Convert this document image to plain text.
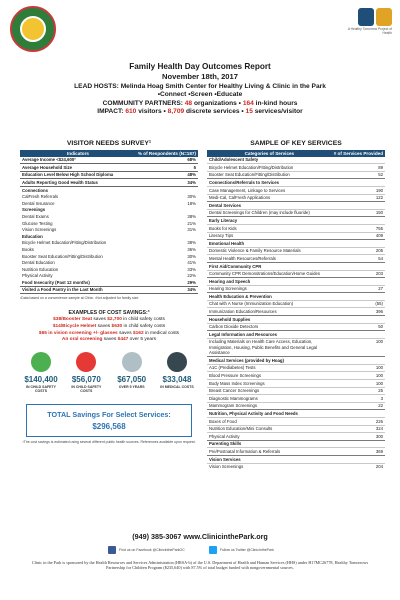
A Healthy Tomorrow Project of Health
Family Health Day Outcomes Report
November 18th, 2017
LEAD HOSTS: Melinda Hoag Smith Center for Healthy Living & Clinic in the Park •Connect •Screen •Educate
COMMUNITY PARTNERS: 48 organizations • 164 in-kind hours
IMPACT: 610 visitors • 8,709 discrete services • 15 services/visitor
VISITOR NEEDS SURVEY¹
Indicators	% of Respondents (N=187)
Average Income <$24,600²	68%
Average Household Size	5
Education Level Below High School Diploma	48%
Adults Reporting Good Health Status	34%
Connections	
CalFresh Referrals	30%
Dental Insurance	18%
Screenings	
Dental Exams	38%
Glucose Testing	21%
Vision Screenings	31%
Education	
Bicycle Helmet Education/Fitting/Distribution	38%
Books	36%
Booster Seat Education/Fitting/Distribution	30%
Dental Education	41%
Nutrition Education	33%
Physical Activity	22%
Food Insecurity (Past 12 months)	29%
Visited a Food Pantry in the Last Month	34%
¹Data based on a convenience sample at Clinic. ²Not adjusted for family size.
EXAMPLES OF COST SAVINGS:³
$38/Booster Seat saves $2,700 in child safety costs
$14/Bicycle Helmet saves $630 in child safety costs
$65 in vision screening +/- glasses saves $162 in medical costs
An oral screening saves $447 over 5 years
$140,400
IN CHILD SAFETY COSTS
$56,070
IN CHILD SAFETY COSTS
$67,050
OVER 5 YEARS
$33,048
IN MEDICAL COSTS
TOTAL Savings For Select Services:
$296,568
³The cost savings is estimated using several different public health sources. References available upon request.
SAMPLE OF KEY SERVICES
Categories of Services	# of Services Provided
Child/Adolescent Safety	
Bicycle Helmet Education/Fitting/Distribution	89
Booster Seat Education/Fitting/Distribution	52
Connections/Referrals to Services	
Case Management, Linkage to Services	190
Medi-Cal, CalFresh Applications	122
Dental Services	
Dental Screenings for Children (may include fluoride)	150
Early Literacy	
Books for Kids	755
Literacy Tips	409
Emotional Health	
Domestic Violence & Family Resource Materials	205
Mental Health Resources/Referrals	54
First Aid/Community CPR	
Community CPR Demonstrations/Education/Home Guides	203
Hearing and Speech	
Hearing Screenings	27
Health Education & Prevention	
Chat with A Nurse (Immunization Education)	(55)
Immunization Education/Resources	396
Household Supplies	
Carbon Dioxide Detectors	50
Legal Information and Resources	
Including Materials on Health Care Access, Education, Immigration, Housing, Public Benefits and General Legal Assistance	100
Medical Services (provided by Hoag)	
A1C (Prediabetes) Tests	100
Blood Pressure Screenings	100
Body Mass Index Screenings	100
Breast Cancer Screenings	25
Diagnostic Mammograms	3
Mammogram Screenings	22
Nutrition, Physical Activity and Food Needs	
Boxes of Food	226
Nutrition Education/Mini Consults	324
Physical Activity	300
Parenting Skills	
Pre/Postnatal Information & Referrals	369
Vision Services	
Vision Screenings	204
(949) 385-3067 www.ClinicinthePark.org
Find us on Facebook @ClinicintheParkOC	Follow us Twitter @ClinicInthePark
Clinic in the Park is sponsored by the Health Resources and Services Administration (HRSA-b) of the U.S. Department of Health and Human Services (HHS) under H17MC26778, Healthy Tomorrows Partnership for Children Program ($235,640) with 87.5% of total budget funded with nongovernmental sources.
